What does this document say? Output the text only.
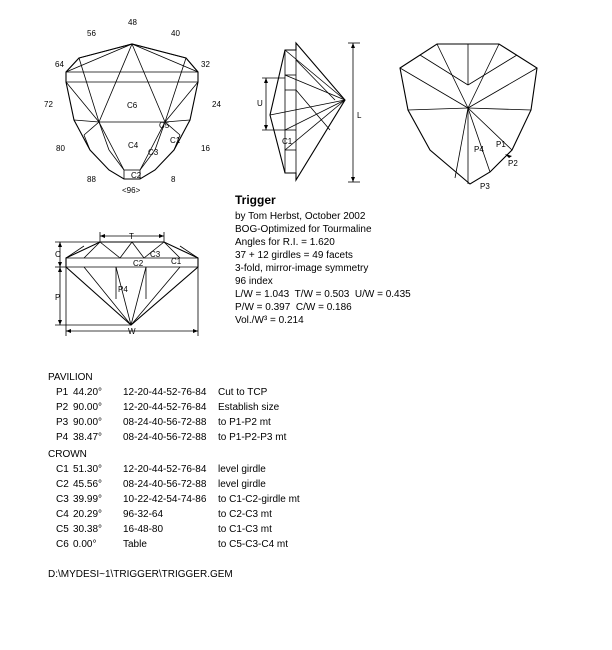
48
40
32
24
16
8
<96>
88
80
72
64
56
C6
C5
C1
C4
C3
C2
U
C1
L
P1
P2
P3
P4
T
C3
C1
C2
P4
C
P
W
Trigger
by Tom Herbst, October 2002
BOG-Optimized for Tourmaline
Angles for R.I. = 1.620
37 + 12 girdles = 49 facets
3-fold, mirror-image symmetry
96 index
L/W = 1.043  T/W = 0.503  U/W = 0.435
P/W = 0.397  C/W = 0.186
Vol./W³ = 0.214
PAVILION
P1 44.20° 12-20-44-52-76-84 Cut to TCP
P2 90.00° 12-20-44-52-76-84 Establish size
P3 90.00° 08-24-40-56-72-88 to P1-P2 mt
P4 38.47° 08-24-40-56-72-88 to P1-P2-P3 mt
CROWN
C1 51.30° 12-20-44-52-76-84 level girdle
C2 45.56° 08-24-40-56-72-88 level girdle
C3 39.99° 10-22-42-54-74-86 to C1-C2-girdle mt
C4 20.29° 96-32-64	to C2-C3 mt
C5 30.38° 16-48-80	to C1-C3 mt
C6 0.00°	Table	to C5-C3-C4 mt
D:\MYDESI~1\TRIGGER\TRIGGER.GEM
